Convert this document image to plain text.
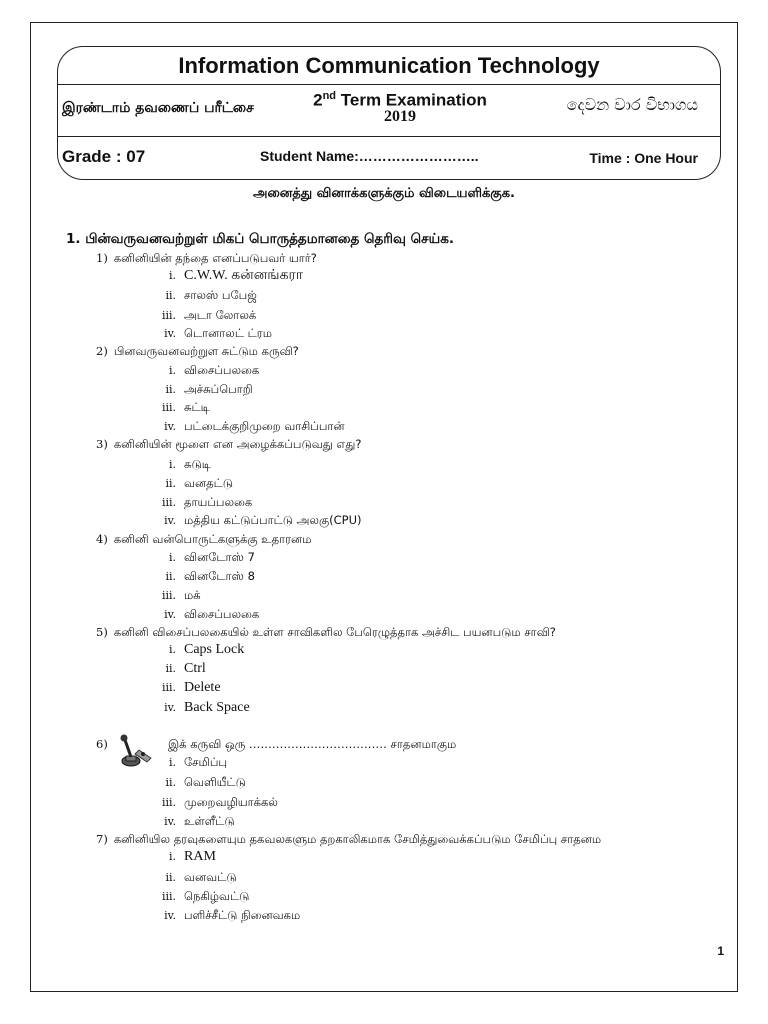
Information Communication Technology
இரண்டாம் தவணைப் பரீட்சை	2nd Term Examination
2019
දෙවන වාර විභාගය
Grade : 07	Student Name:……………………..	Time : One Hour
அனைத்து வினாக்களுக்கும் விடையளிக்குக.
1. பின்வருவனவற்றுள் மிகப் பொருத்தமானதை தெரிவு செய்க.
1) கனினியின் தந்தை எனப்படுபவர் யார்?
i. C.W.W. கன்னங்கரா
ii. சாலஸ் பபேஜ்
iii. அடா லோலக்
iv. டொனாலட் ட்ரம
2) பினவருவனவற்றுள சுட்டும கருவி?
i. விசைப்பலகை
ii. அச்சுப்பொறி
iii. சுட்டி
iv. பட்டைக்குறிமுறை வாசிப்பான்
3) கனினியின் மூளை என அழைக்கப்படுவது எது?
i. சுடுடி
ii. வனதட்டு
iii. தாயப்பலகை
iv. மத்திய கட்டுப்பாட்டு அலகு(CPU)
4) கனினி வன்பொருட்களுக்கு உதாரனம
i. வினடோஸ் 7
ii. வினடோஸ் 8
iii. மக்
iv. விசைப்பலகை
5) கனினி விசைப்பலகையில் உள்ள சாவிகளில பேரெழுத்தாக அச்சிட பயனபடும சாவி?
i. Caps Lock
ii. Ctrl
iii. Delete
iv. Back Space
6)	இக் கருவி ஒரு ……………………………… சாதனமாகும
i. சேமிப்பு
ii. வெளியீட்டு
iii. முறைவழியாக்கல்
iv. உள்ளீட்டு
7) கனினியில தரவுகளையும தகவலகளும தறகாலிகமாக சேமித்துவைக்கப்படும சேமிப்பு சாதனம
i. RAM
ii. வனவட்டு
iii. நெகிழ்வட்டு
iv. பளிச்சீட்டு நினைவகம
1
